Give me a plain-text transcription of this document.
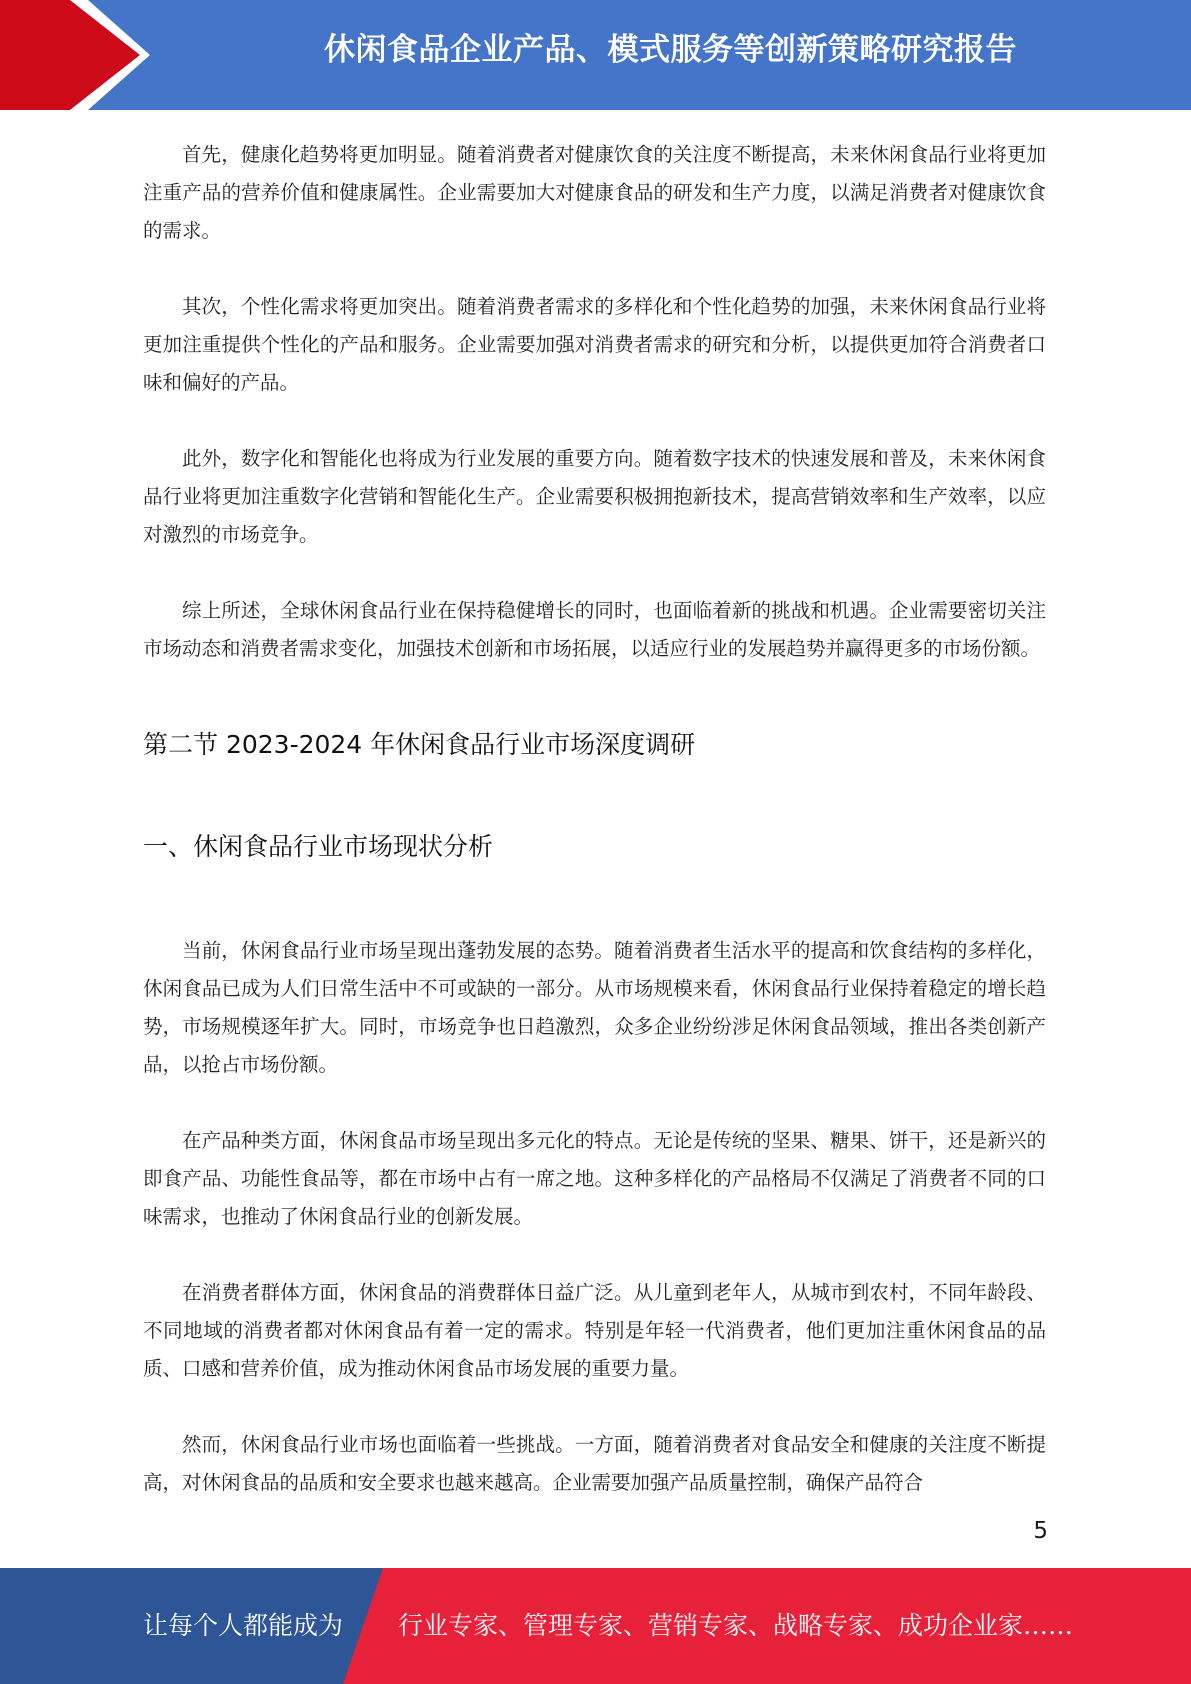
休闲食品企业产品、模式服务等创新策略研究报告

首先，健康化趋势将更加明显。随着消费者对健康饮食的关注度不断提高，未来休闲食品行业将更加注重产品的营养价值和健康属性。企业需要加大对健康食品的研发和生产力度，以满足消费者对健康饮食的需求。

其次，个性化需求将更加突出。随着消费者需求的多样化和个性化趋势的加强，未来休闲食品行业将更加注重提供个性化的产品和服务。企业需要加强对消费者需求的研究和分析，以提供更加符合消费者口味和偏好的产品。

此外，数字化和智能化也将成为行业发展的重要方向。随着数字技术的快速发展和普及，未来休闲食品行业将更加注重数字化营销和智能化生产。企业需要积极拥抱新技术，提高营销效率和生产效率，以应对激烈的市场竞争。

综上所述，全球休闲食品行业在保持稳健增长的同时，也面临着新的挑战和机遇。企业需要密切关注市场动态和消费者需求变化，加强技术创新和市场拓展，以适应行业的发展趋势并赢得更多的市场份额。

第二节 2023-2024 年休闲食品行业市场深度调研
一、休闲食品行业市场现状分析

当前，休闲食品行业市场呈现出蓬勃发展的态势。随着消费者生活水平的提高和饮食结构的多样化，休闲食品已成为人们日常生活中不可或缺的一部分。从市场规模来看，休闲食品行业保持着稳定的增长趋势，市场规模逐年扩大。同时，市场竞争也日趋激烈，众多企业纷纷涉足休闲食品领域，推出各类创新产品，以抢占市场份额。

在产品种类方面，休闲食品市场呈现出多元化的特点。无论是传统的坚果、糖果、饼干，还是新兴的即食产品、功能性食品等，都在市场中占有一席之地。这种多样化的产品格局不仅满足了消费者不同的口味需求，也推动了休闲食品行业的创新发展。

在消费者群体方面，休闲食品的消费群体日益广泛。从儿童到老年人，从城市到农村，不同年龄段、不同地域的消费者都对休闲食品有着一定的需求。特别是年轻一代消费者，他们更加注重休闲食品的品质、口感和营养价值，成为推动休闲食品市场发展的重要力量。

然而，休闲食品行业市场也面临着一些挑战。一方面，随着消费者对食品安全和健康的关注度不断提高，对休闲食品的品质和安全要求也越来越高。企业需要加强产品质量控制，确保产品符合

5
让每个人都能成为 行业专家、管理专家、营销专家、战略专家、成功企业家……
